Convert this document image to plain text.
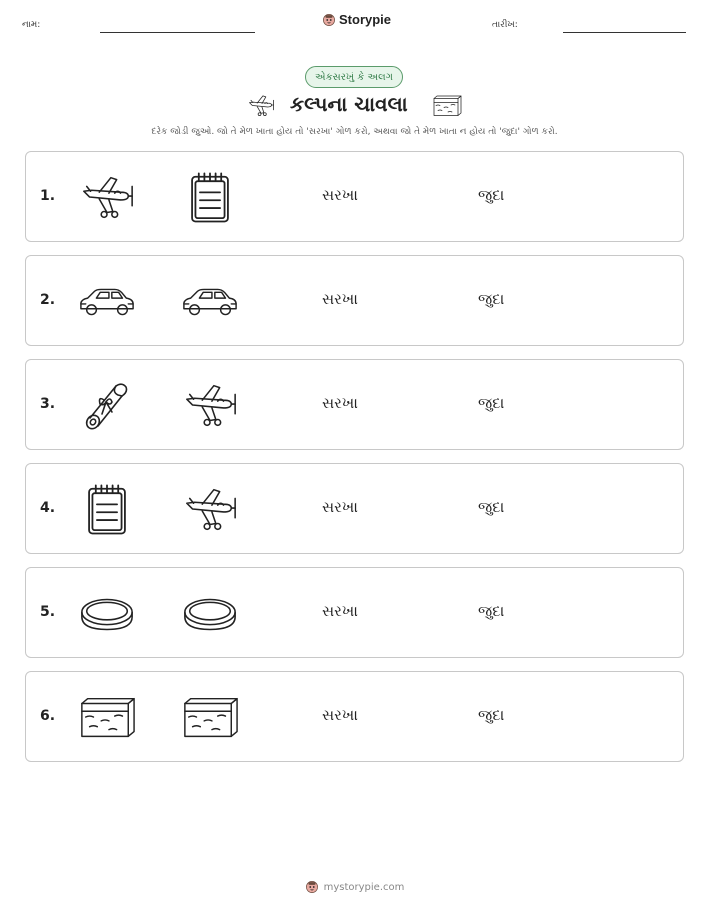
નામ:	Storypie	તારીખ:
એકસરખું કે અલગ
કલ્પના ચાવલા
દરેક જોડી જુઓ. જો તે મેળ ખાતા હોય તો 'સરખા' ગોળ કરો, અથવા જો તે મેળ ખાતા ન હોય તો 'જુદા' ગોળ કરો.
1.	સરખા	જુદા
2.	સરખા	જુદા
3.	સરખા	જુદા
4.	સરખા	જુદા
5.	સરખા	જુદા
6.	સરખા	જુદા
mystorypie.com
